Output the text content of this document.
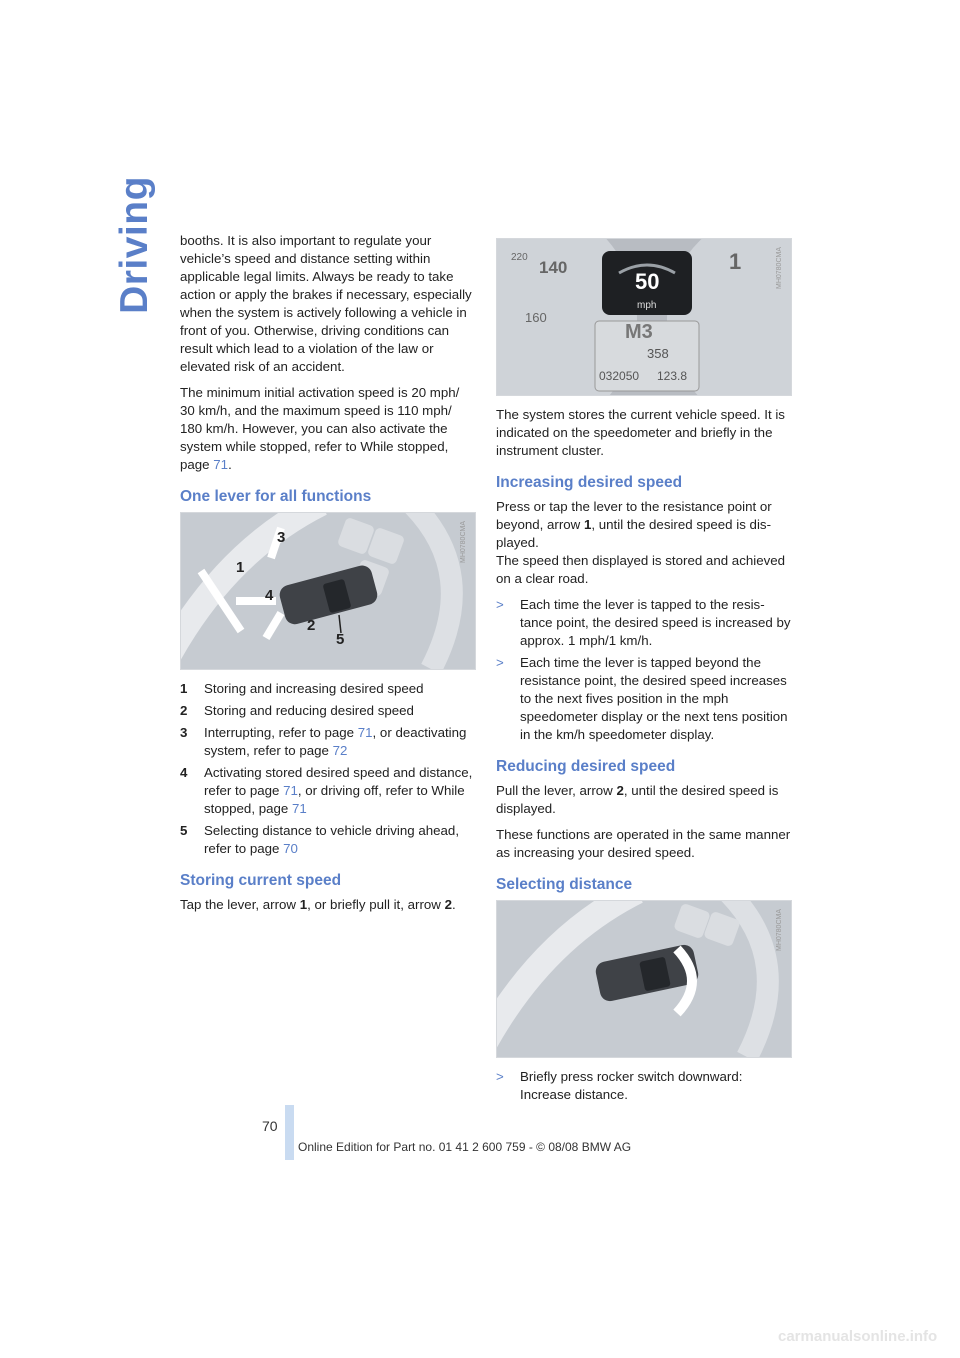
Driving booths. It is also important to regulate your vehicle’s speed and distance setting within applicable legal limits. Always be ready to take action or apply the brakes if necessary, especially when the system is actively following a vehicle in front of you. Otherwise, driving conditions can result which lead to a violation of the law or elevated risk of an accident.

The minimum initial activation speed is 20 mph/ 30 km/h, and the maximum speed is 110 mph/ 180 km/h. However, you can also activate the system while stopped, refer to While stopped, page 71.

One lever for all functions
1
2
3
4
5
MH0780CMA
1 Storing and increasing desired speed
2 Storing and reducing desired speed
3 Interrupting, refer to page 71, or deactivating system, refer to page 72
4 Activating stored desired speed and distance, refer to page 71, or driving off, refer to While stopped, page 71
5 Selecting distance to vehicle driving ahead, refer to page 70
Storing current speed

Tap the lever, arrow 1, or briefly pull it, arrow 2.

50
mph
M3
358
032050 123.8
140
160
220	1	MH0780CMA

The system stores the current vehicle speed. It is indicated on the speedometer and briefly in the instrument cluster.

Increasing desired speed

Press or tap the lever to the resistance point or beyond, arrow 1, until the desired speed is displayed.
The speed then displayed is stored and achieved on a clear road.

> Each time the lever is tapped to the resistance point, the desired speed is increased by approx. 1 mph/1 km/h.
> Each time the lever is tapped beyond the resistance point, the desired speed increases to the next fives position in the mph speedometer display or the next tens position in the km/h speedometer display.
Reducing desired speed

Pull the lever, arrow 2, until the desired speed is displayed.

These functions are operated in the same manner as increasing your desired speed.

Selecting distance
MH0780CMA
> Briefly press rocker switch downward: Increase distance.
70
Online Edition for Part no. 01 41 2 600 759 - © 08/08 BMW AG
carmanualsonline.info
